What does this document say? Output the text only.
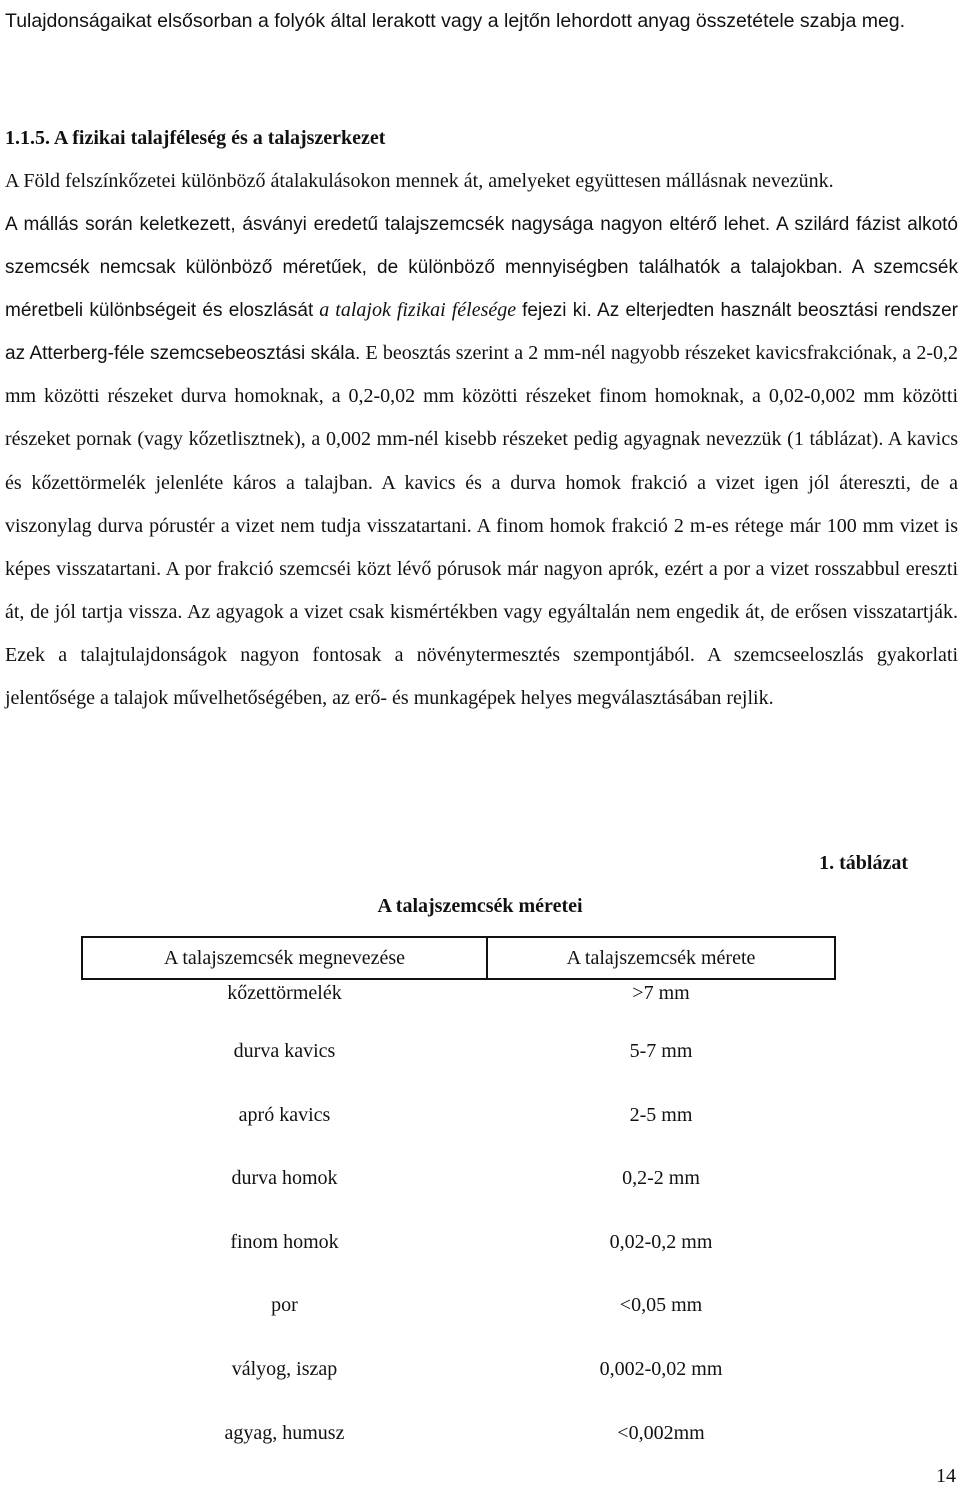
Tulajdonságaikat elsősorban a folyók által lerakott vagy a lejtőn lehordott anyag összetétele szabja meg.

1.1.5. A fizikai talajféleség és a talajszerkezet

A Föld felszínkőzetei különböző átalakulásokon mennek át, amelyeket együttesen mállásnak nevezünk.

A mállás során keletkezett, ásványi eredetű talajszemcsék nagysága nagyon eltérő lehet. A szilárd fázist alkotó szemcsék nemcsak különböző méretűek, de különböző mennyiségben találhatók a talajokban. A szemcsék méretbeli különbségeit és eloszlását a talajok fizikai félesége fejezi ki. Az elterjedten használt beosztási rendszer az Atterberg-féle szemcsebeosztási skála. E beosztás szerint a 2 mm-nél nagyobb részeket kavicsfrakciónak, a 2-0,2 mm közötti részeket durva homoknak, a 0,2-0,02 mm közötti részeket finom homoknak, a 0,02-0,002 mm közötti részeket pornak (vagy kőzetlisztnek), a 0,002 mm-nél kisebb részeket pedig agyagnak nevezzük (1 táblázat). A kavics és kőzettörmelék jelenléte káros a talajban. A kavics és a durva homok frakció a vizet igen jól átereszti, de a viszonylag durva pórustér a vizet nem tudja visszatartani. A finom homok frakció 2 m-es rétege már 100 mm vizet is képes visszatartani. A por frakció szemcséi közt lévő pórusok már nagyon aprók, ezért a por a vizet rosszabbul ereszti át, de jól tartja vissza. Az agyagok a vizet csak kismértékben vagy egyáltalán nem engedik át, de erősen visszatartják. Ezek a talajtulajdonságok nagyon fontosak a növénytermesztés szempontjából. A szemcseeloszlás gyakorlati jelentősége a talajok művelhetőségében, az erő- és munkagépek helyes megválasztásában rejlik.

1. táblázat

A talajszemcsék méretei

A talajszemcsék megnevezése	A talajszemcsék mérete
kőzettörmelék	>7 mm
durva kavics	5-7 mm
apró kavics	2-5 mm
durva homok	0,2-2 mm
finom homok	0,02-0,2 mm
por	<0,05 mm
vályog, iszap	0,002-0,02 mm
agyag, humusz	<0,002mm

14
